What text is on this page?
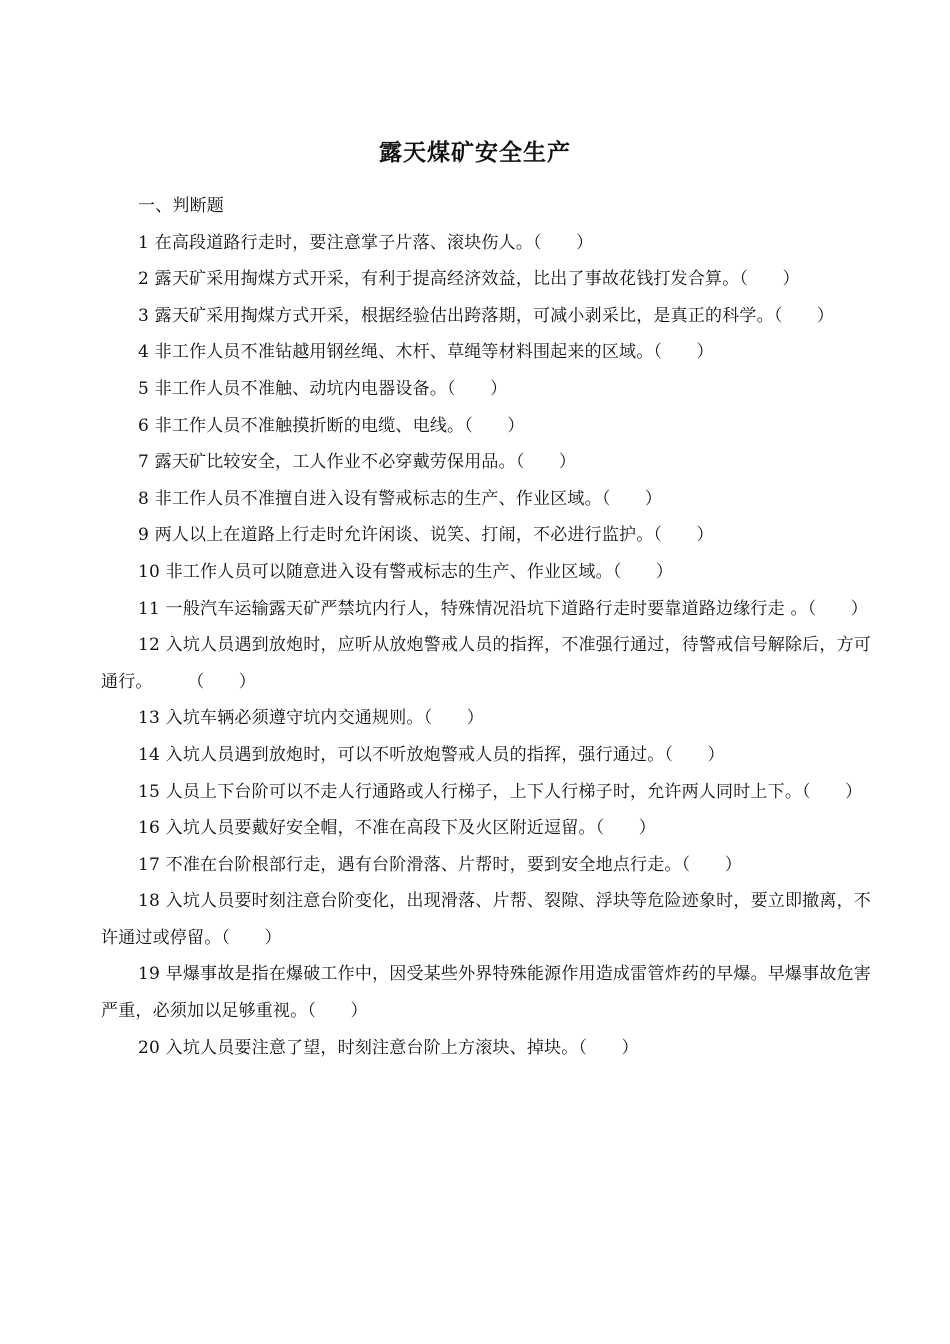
露天煤矿安全生产

一、判断题

1 在高段道路行走时，要注意掌子片落、滚块伤人。（　　）

2 露天矿采用掏煤方式开采，有利于提高经济效益，比出了事故花钱打发合算。（　　）

3 露天矿采用掏煤方式开采，根据经验估出跨落期，可减小剥采比，是真正的科学。（　　）

4 非工作人员不准钻越用钢丝绳、木杆、草绳等材料围起来的区域。（　　）

5 非工作人员不准触、动坑内电器设备。（　　）

6 非工作人员不准触摸折断的电缆、电线。（　　）

7 露天矿比较安全，工人作业不必穿戴劳保用品。（　　）

8 非工作人员不准擅自进入设有警戒标志的生产、作业区域。（　　）

9 两人以上在道路上行走时允许闲谈、说笑、打闹，不必进行监护。（　　）

10 非工作人员可以随意进入设有警戒标志的生产、作业区域。（　　）

11 一般汽车运输露天矿严禁坑内行人，特殊情况沿坑下道路行走时要靠道路边缘行走 。（　　）

12 入坑人员遇到放炮时，应听从放炮警戒人员的指挥，不准强行通过，待警戒信号解除后，方可通行。　　　（　　）

13 入坑车辆必须遵守坑内交通规则。（　　）

14 入坑人员遇到放炮时，可以不听放炮警戒人员的指挥，强行通过。（　　）

15 人员上下台阶可以不走人行通路或人行梯子，上下人行梯子时，允许两人同时上下。（　　）

16 入坑人员要戴好安全帽，不准在高段下及火区附近逗留。（　　）

17 不准在台阶根部行走，遇有台阶滑落、片帮时，要到安全地点行走。（　　）

18 入坑人员要时刻注意台阶变化，出现滑落、片帮、裂隙、浮块等危险迹象时，要立即撤离，不许通过或停留。（　　）

19 早爆事故是指在爆破工作中，因受某些外界特殊能源作用造成雷管炸药的早爆。早爆事故危害严重，必须加以足够重视。（　　）

20 入坑人员要注意了望，时刻注意台阶上方滚块、掉块。（　　）
